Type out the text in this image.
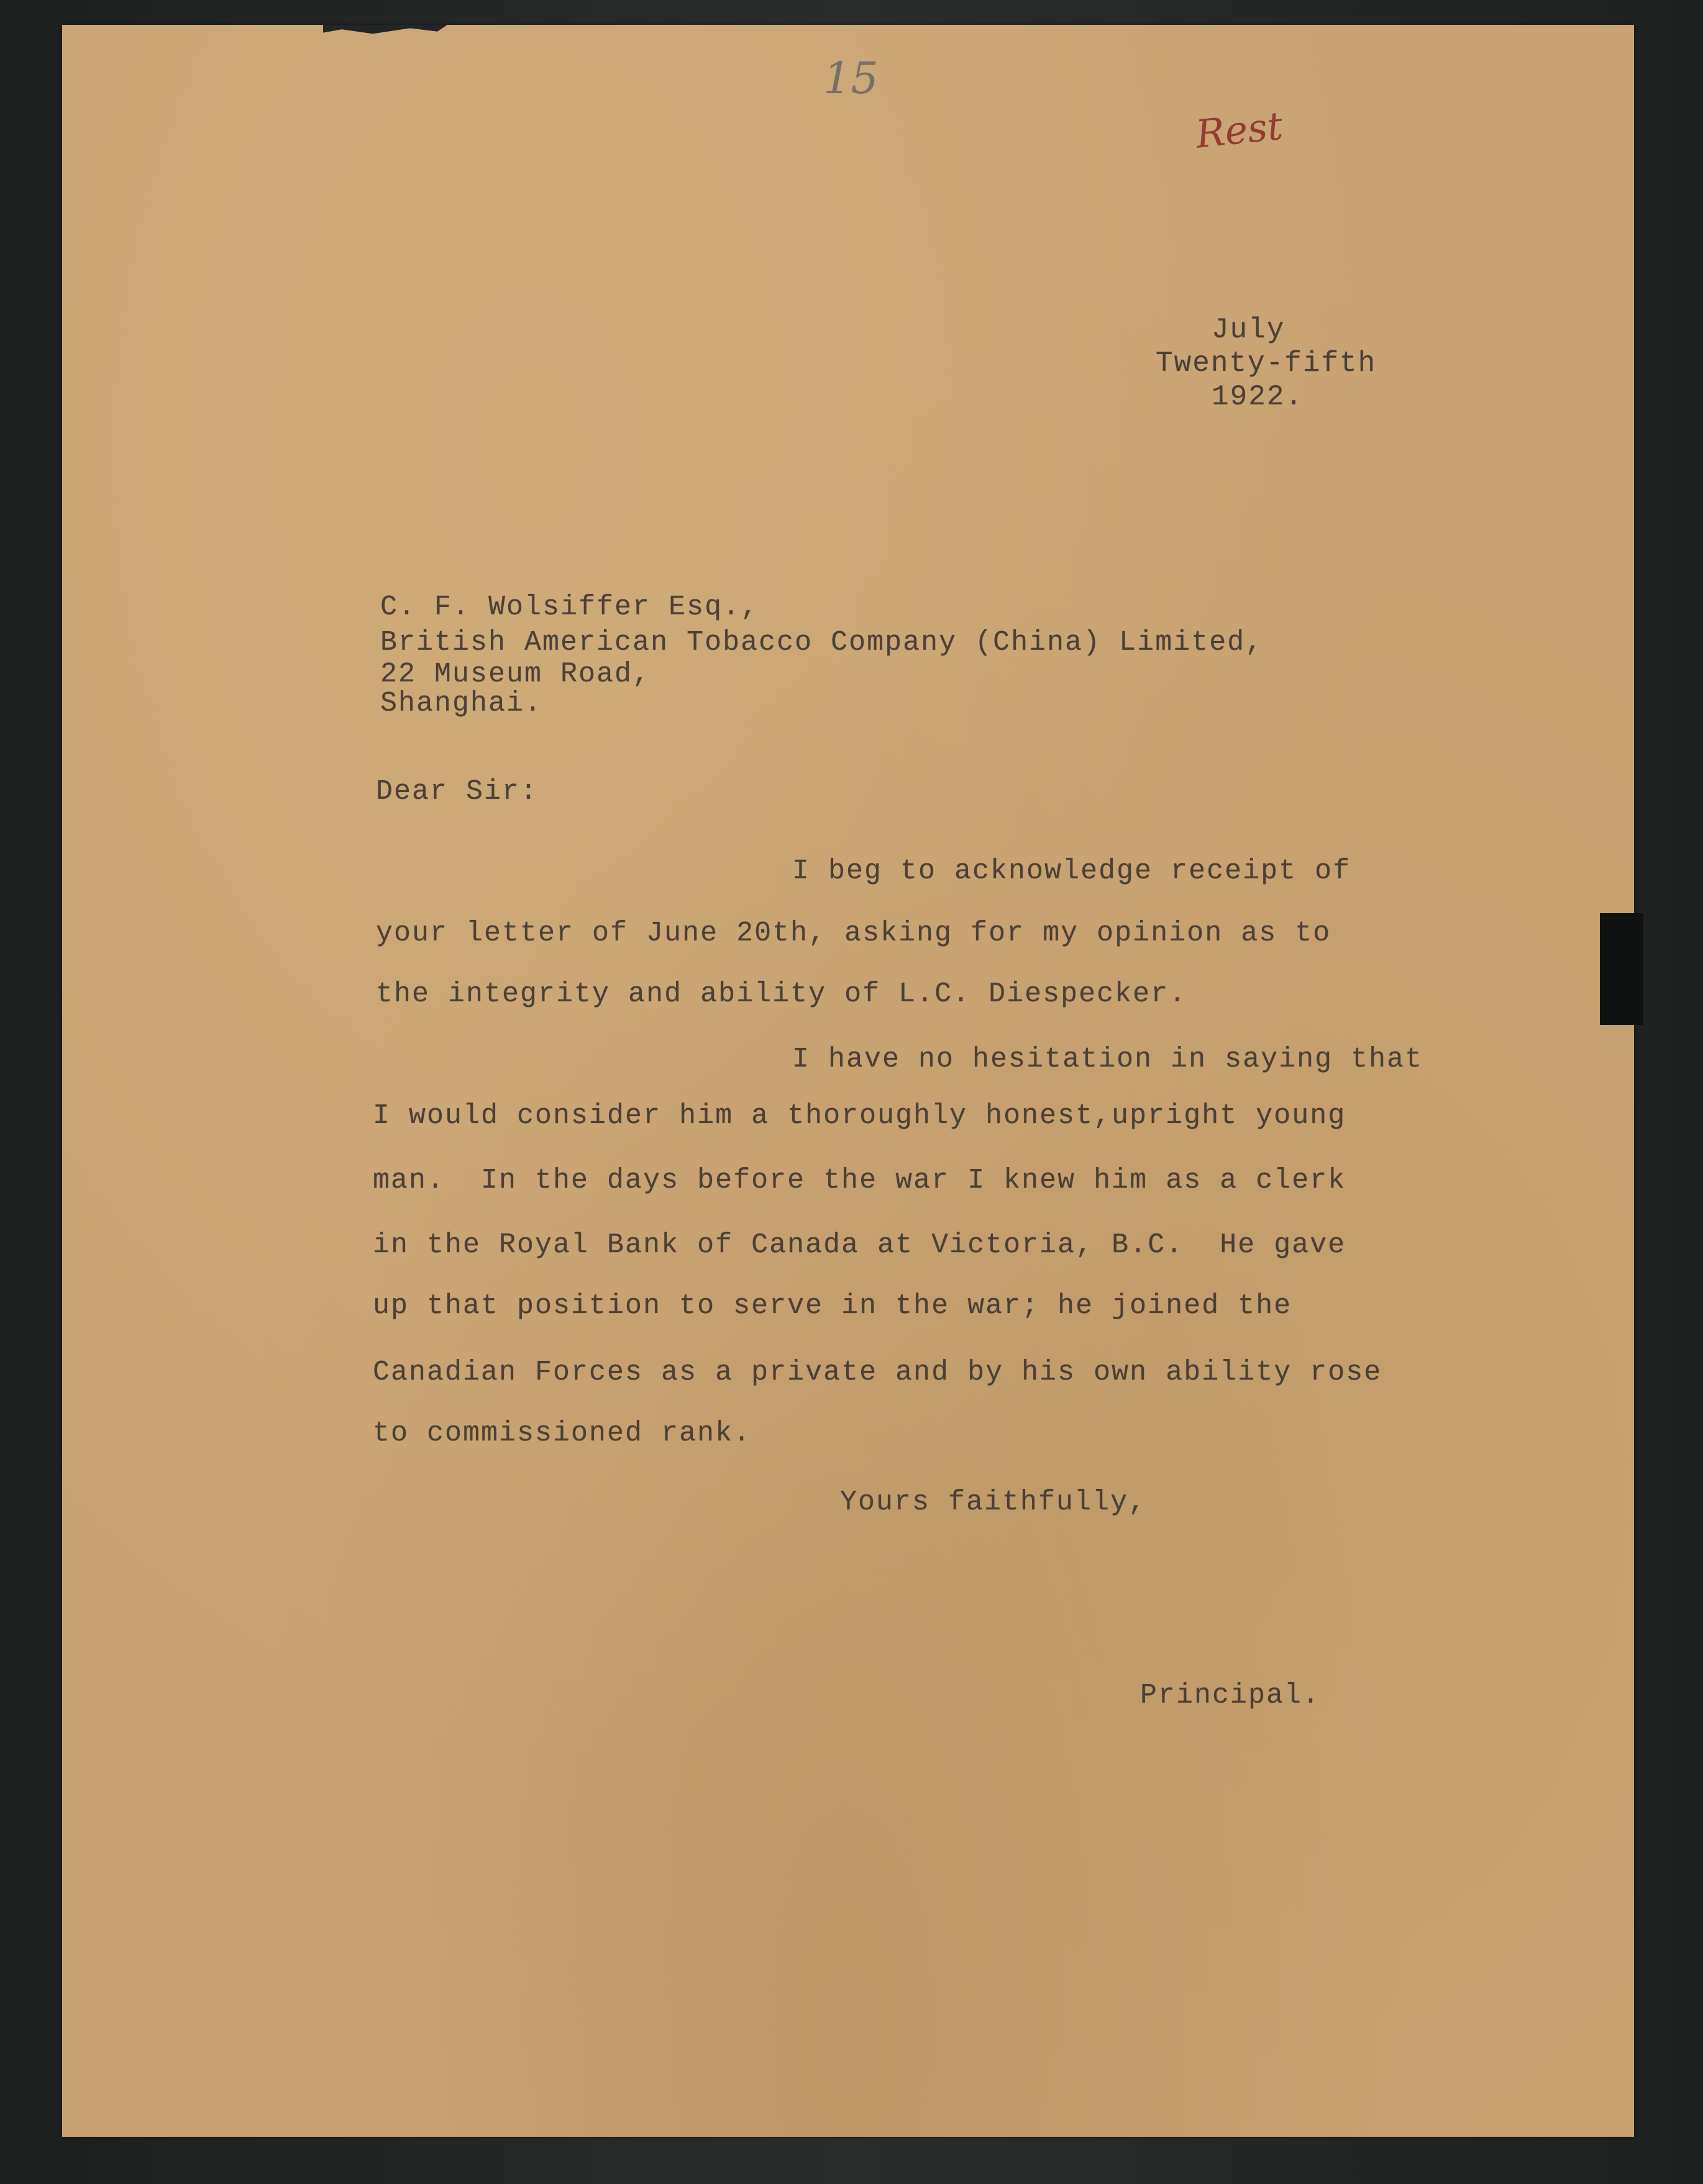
15
Rest
July
Twenty-fifth
1922.
C. F. Wolsiffer Esq.,
British American Tobacco Company (China) Limited,
22 Museum Road,
Shanghai.
Dear Sir:
I beg to acknowledge receipt of
your letter of June 20th, asking for my opinion as to
the integrity and ability of L.C. Diespecker.
I have no hesitation in saying that
I would consider him a thoroughly honest,upright young
man.  In the days before the war I knew him as a clerk
in the Royal Bank of Canada at Victoria, B.C.  He gave
up that position to serve in the war; he joined the
Canadian Forces as a private and by his own ability rose
to commissioned rank.
Yours faithfully,
Principal.
